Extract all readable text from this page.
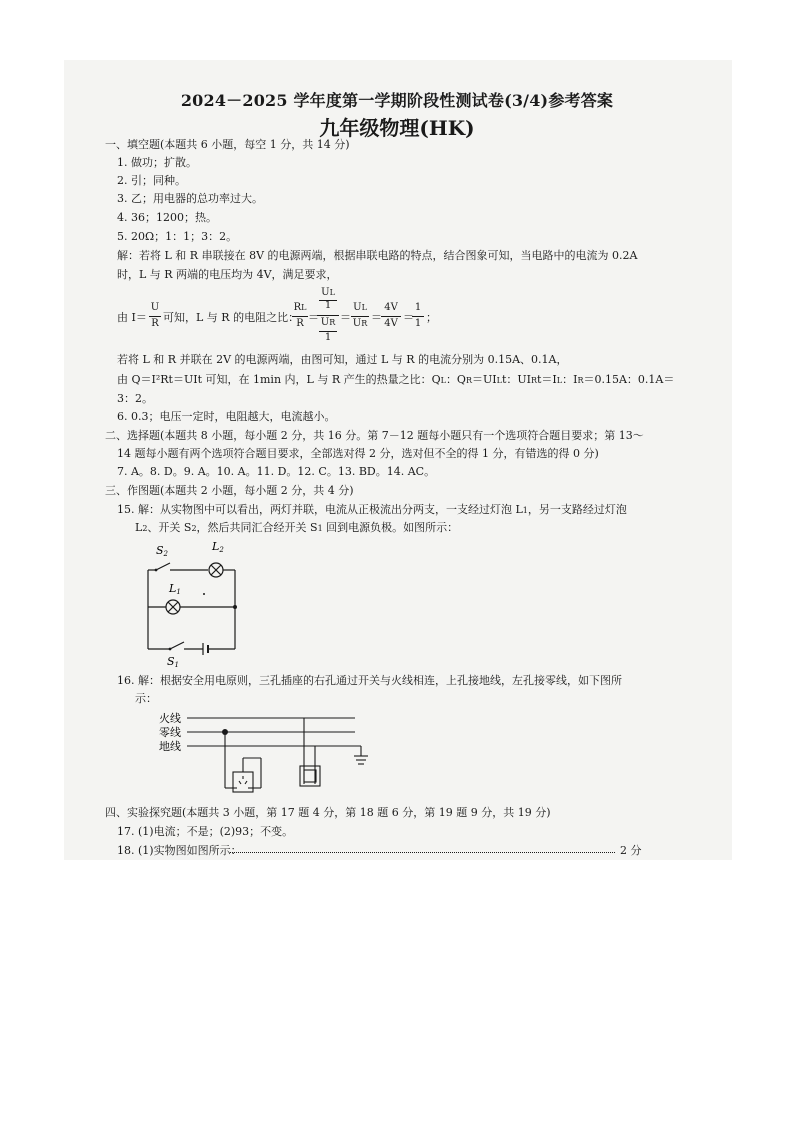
2024－2025 学年度第一学期阶段性测试卷(3/4)参考答案
九年级物理(HK)
一、填空题(本题共 6 小题，每空 1 分，共 14 分)
1. 做功；扩散。
2. 引；同种。
3. 乙；用电器的总功率过大。
4. 36；1200；热。
5. 20Ω；1：1；3：2。
解：若将 L 和 R 串联接在 8V 的电源两端，根据串联电路的特点，结合图象可知，当电路中的电流为 0.2A
时，L 与 R 两端的电压均为 4V，满足要求，
由 I＝
U
R 可知，L 与 R 的电阻之比：
RL
R ＝
UL
1
UR
1
＝
UL
UR ＝
4V
4V ＝
1
1 ；
若将 L 和 R 并联在 2V 的电源两端，由图可知，通过 L 与 R 的电流分别为 0.15A、0.1A，
由 Q＝I²Rt＝UIt 可知，在 1min 内，L 与 R 产生的热量之比：QL：QR＝UILt：UIRt＝IL：IR＝0.15A：0.1A＝
3：2。
6. 0.3；电压一定时，电阻越大，电流越小。
二、选择题(本题共 8 小题，每小题 2 分，共 16 分。第 7－12 题每小题只有一个选项符合题目要求；第 13～
14 题每小题有两个选项符合题目要求，全部选对得 2 分，选对但不全的得 1 分，有错选的得 0 分)
7. A。8. D。9. A。10. A。11. D。12. C。13. BD。14. AC。
三、作图题(本题共 2 小题，每小题 2 分，共 4 分)
15. 解：从实物图中可以看出，两灯并联，电流从正极流出分两支，一支经过灯泡 L1，另一支路经过灯泡
L2、开关 S2，然后共同汇合经开关 S1 回到电源负极。如图所示：
S2
L2
L1
S1
16. 解：根据安全用电原则，三孔插座的右孔通过开关与火线相连，上孔接地线，左孔接零线，如下图所
示：
火线
零线
地线
四、实验探究题(本题共 3 小题，第 17 题 4 分，第 18 题 6 分，第 19 题 9 分，共 19 分)
17. (1)电流；不是；(2)93；不变。
18. (1)实物图如图所示：	2 分
